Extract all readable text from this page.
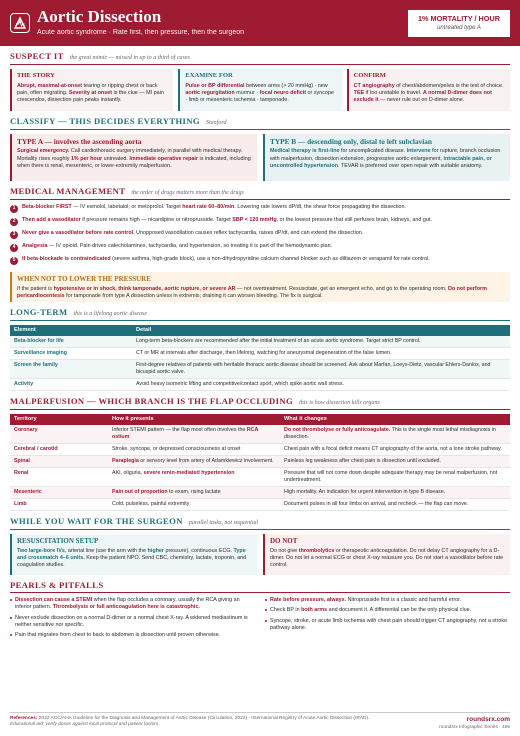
Aortic Dissection
Acute aortic syndrome · Rate first, then pressure, then the surgeon
1% MORTALITY / HOUR
untreated type A
SUSPECT IT the great mimic — missed in up to a third of cases
THE STORY
Abrupt, maximal-at-onset tearing or ripping chest or back pain, often migrating. Severity at onset is the clue — MI pain crescendos, dissection pain peaks instantly.
EXAMINE FOR
Pulse or BP differential between arms (> 20 mmHg) · new aortic regurgitation murmur · focal neuro deficit or syncope · limb or mesenteric ischemia · tamponade.
CONFIRM
CT angiography of chest/abdomen/pelvis is the test of choice. TEE if too unstable to travel. A normal D-dimer does not exclude it — never rule out on D-dimer alone.
CLASSIFY — THIS DECIDES EVERYTHING Stanford
TYPE A — involves the ascending aorta
Surgical emergency. Call cardiothoracic surgery immediately, in parallel with medical therapy. Mortality rises roughly 1% per hour untreated. Immediate operative repair is indicated, including when there is renal, mesenteric, or lower-extremity malperfusion.
TYPE B — descending only, distal to left subclavian
Medical therapy is first-line for uncomplicated disease. Intervene for rupture, branch occlusion with malperfusion, dissection extension, progressive aortic enlargement, intractable pain, or uncontrolled hypertension. TEVAR is preferred over open repair with suitable anatomy.
MEDICAL MANAGEMENT the order of drugs matters more than the drugs
1	Beta-blocker FIRST — IV esmolol, labetalol, or metoprolol. Target heart rate 60–80/min. Lowering rate lowers dP/dt, the shear force propagating the dissection.
2	Then add a vasodilator if pressure remains high — nicardipine or nitroprusside. Target SBP < 120 mmHg, or the lowest pressure that still perfuses brain, kidneys, and gut.
3	Never give a vasodilator before rate control. Unopposed vasodilation causes reflex tachycardia, raises dP/dt, and can extend the dissection.
4	Analgesia — IV opioid. Pain drives catecholamines, tachycardia, and hypertension, so treating it is part of the hemodynamic plan.
5	If beta-blockade is contraindicated (severe asthma, high-grade block), use a non-dihydropyridine calcium channel blocker such as diltiazem or verapamil for rate control.
WHEN NOT TO LOWER THE PRESSURE
If the patient is hypotensive or in shock, think tamponade, aortic rupture, or severe AR — not overtreatment. Resuscitate, get an emergent echo, and go to the operating room. Do not perform pericardiocentesis for tamponade from type A dissection unless in extremis; draining it can worsen bleeding. The fix is surgical.
LONG-TERM this is a lifelong aortic disease
Element	Detail
Beta-blocker for life	Long-term beta-blockers are recommended after the initial treatment of an acute aortic syndrome. Target strict BP control.
Surveillance imaging	CT or MR at intervals after discharge, then lifelong, watching for aneurysmal degeneration of the false lumen.
Screen the family	First-degree relatives of patients with heritable thoracic aortic disease should be screened. Ask about Marfan, Loeys-Dietz, vascular Ehlers-Danlos, and bicuspid aortic valve.
Activity	Avoid heavy isometric lifting and competitive/contact sport, which spike aortic wall stress.
MALPERFUSION — WHICH BRANCH IS THE FLAP OCCLUDING this is how dissection kills organs
Territory	How it presents	What it changes
Coronary	Inferior STEMI pattern — the flap most often involves the RCA ostium	Do not thrombolyse or fully anticoagulate. This is the single most lethal misdiagnosis in dissection.
Cerebral / carotid	Stroke, syncope, or depressed consciousness at onset	Chest pain with a focal deficit means CT angiography of the aorta, not a lone stroke pathway.
Spinal	Paraplegia or sensory level from artery of Adamkiewicz involvement.	Painless leg weakness after chest pain is dissection until excluded.
Renal	AKI, oliguria, severe renin-mediated hypertension	Pressure that will not come down despite adequate therapy may be renal malperfusion, not undertreatment.
Mesenteric	Pain out of proportion to exam, rising lactate	High mortality. An indication for urgent intervention in type B disease.
Limb	Cold, pulseless, painful extremity	Document pulses in all four limbs on arrival, and recheck — the flap can move.
WHILE YOU WAIT FOR THE SURGEON parallel tasks, not sequential
RESUSCITATION SETUP
Two large-bore IVs, arterial line (use the arm with the higher pressure), continuous ECG. Type and crossmatch 4–6 units. Keep the patient NPO. Send CBC, chemistry, lactate, troponin, and coagulation studies.
DO NOT
Do not give thrombolytics or therapeutic anticoagulation. Do not delay CT angiography for a D-dimer. Do not let a normal ECG or chest X-ray reassure you. Do not start a vasodilator before rate control.
PEARLS & PITFALLS
Dissection can cause a STEMI when the flap occludes a coronary, usually the RCA giving an inferior pattern. Thrombolysis or full anticoagulation here is catastrophic.
Never exclude dissection on a normal D-dimer or a normal chest X-ray. A widened mediastinum is neither sensitive nor specific.
Pain that migrates from chest to back to abdomen is dissection until proven otherwise.
Rate before pressure, always. Nitroprusside first is a classic and harmful error.
Check BP in both arms and document it. A differential can be the only physical clue.
Syncope, stroke, or acute limb ischemia with chest pain should trigger CT angiography, not a stroke pathway alone.
References: 2022 ACC/AHA Guideline for the Diagnosis and Management of Aortic Disease (Circulation, 2022) · International Registry of Acute Aortic Dissection (IRAD).
Educational aid; verify doses against local protocol and patient factors.
roundsrx.com
roundsrx Infographic Series · 455
